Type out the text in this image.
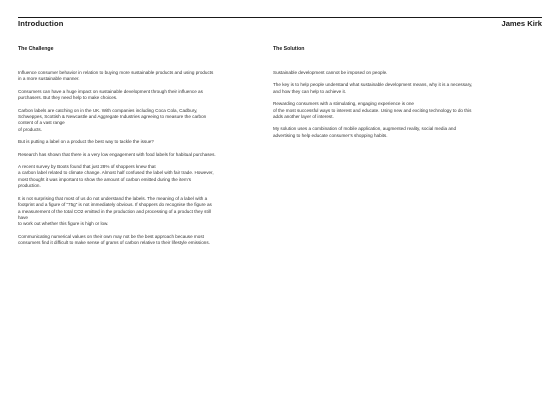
Introduction	James Kirk
The Challenge

Influence consumer behavior in relation to buying more sustainable products and using products
in a more sustainable manner.

Consumers can have a huge impact on sustainable development through their influence as
purchasers. But they need help to make choices.

Carbon labels are catching on in the UK. With companies including Coca Cola, Cadbury,
Schweppes, Scottish & Newcastle and Aggregate Industries agreeing to measure the carbon
content of a vast range
of products.

But is putting a label on a product the best way to tackle the issue?

Research has shown that there is a very low engagement with food labels for habitual purchases.

A recent survey by Boots found that just 28% of shoppers knew that
a carbon label related to climate change. Almost half confused the label with fair trade. However,
most thought it was important to show the amount of carbon emitted during the item’s
production.

It is not surprising that most of us do not understand the labels. The meaning of a label with a
footprint and a figure of “75g” is not immediately obvious. If shoppers do recognise the figure as
a measurement of the total CO2 emitted in the production and processing of a product they still
have
to work out whether this figure is high or low.

Communicating numerical values on their own may not be the best approach because most
consumers find it difficult to make sense of grams of carbon relative to their lifestyle emissions.

The Solution

Sustainable development cannot be imposed on people.

The key is to help people understand what sustainable development means, why it is a necessary,
and how they can help to achieve it.

Rewarding consumers with a stimulating, engaging experience is one
of the most successful ways to interest and educate. Using new and exciting technology to do this
adds another layer of interest.

My solution uses a combination of mobile application, augmented reality, social media and
advertising to help educate consumer’s shopping habits.
